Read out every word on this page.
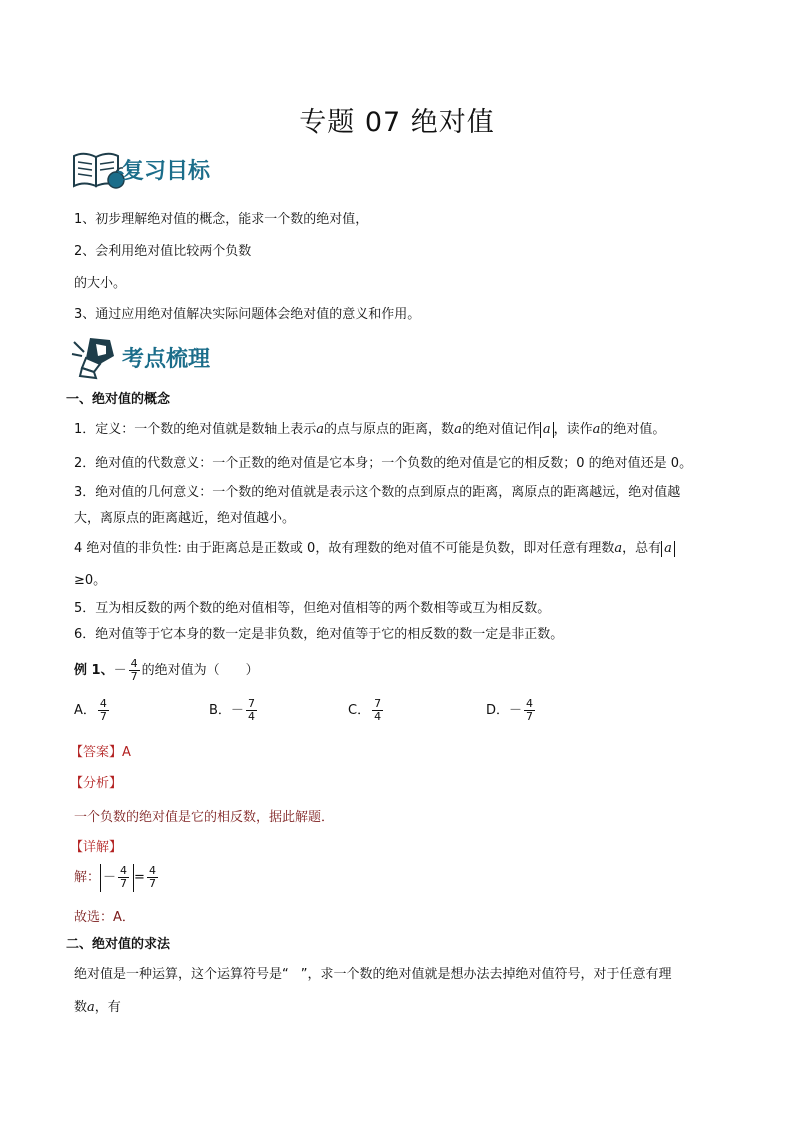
专题 07 绝对值
复习目标
1、初步理解绝对值的概念，能求一个数的绝对值，
2、会利用绝对值比较两个负数
的大小。
3、通过应用绝对值解决实际问题体会绝对值的意义和作用。
考点梳理
一、绝对值的概念
1．定义：一个数的绝对值就是数轴上表示a的点与原点的距离，数a的绝对值记作 a ，读作a的绝对值。
2．绝对值的代数意义：一个正数的绝对值是它本身；一个负数的绝对值是它的相反数；0 的绝对值还是 0。
3．绝对值的几何意义：一个数的绝对值就是表示这个数的点到原点的距离，离原点的距离越远，绝对值越
大，离原点的距离越近，绝对值越小。
4 绝对值的非负性: 由于距离总是正数或 0，故有理数的绝对值不可能是负数，即对任意有理数a，总有 a
≥0。
5．互为相反数的两个数的绝对值相等，但绝对值相等的两个数相等或互为相反数。
6．绝对值等于它本身的数一定是非负数，绝对值等于它的相反数的数一定是非正数。
例 1、－ $\frac{4}{7}$ 的绝对值为（　　）
A． $\frac{4}{7}$	B．－ $\frac{7}{4}$	C． $\frac{7}{4}$	D．－ $\frac{4}{7}$
【答案】A
【分析】
一个负数的绝对值是它的相反数，据此解题．
【详解】
解： － $\frac{4}{7} = \frac{4}{7}$
故选：A．
二、绝对值的求法
绝对值是一种运算，这个运算符号是“ ”，求一个数的绝对值就是想办法去掉绝对值符号，对于任意有理
数a，有
